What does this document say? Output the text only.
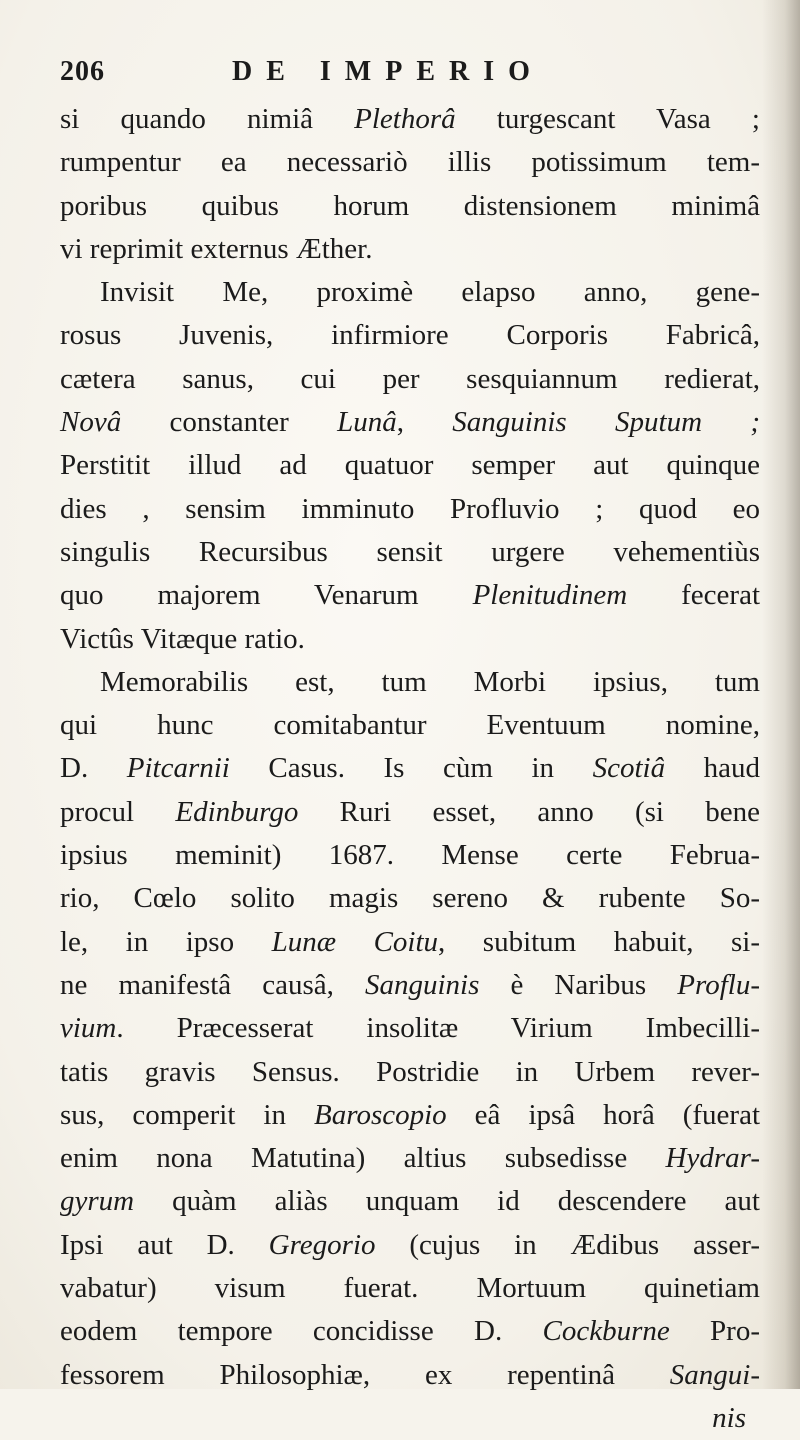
206	DE IMPERIO
si quando nimiâ Plethorâ turgescant Vasa ;
rumpentur ea necessariò illis potissimum tem-
poribus quibus horum distensionem minimâ
vi reprimit externus Æther.
Invisit Me, proximè elapso anno, gene-
rosus Juvenis, infirmiore Corporis Fabricâ,
cætera sanus, cui per sesquiannum redierat,
Novâ constanter Lunâ, Sanguinis Sputum ;
Perstitit illud ad quatuor semper aut quinque
dies , sensim imminuto Profluvio ; quod eo
singulis Recursibus sensit urgere vehementiùs
quo majorem Venarum Plenitudinem fecerat
Victûs Vitæque ratio.
Memorabilis est, tum Morbi ipsius, tum
qui hunc comitabantur Eventuum nomine,
D. Pitcarnii Casus. Is cùm in Scotiâ haud
procul Edinburgo Ruri esset, anno (si bene
ipsius meminit) 1687. Mense certe Februa-
rio, Cœlo solito magis sereno & rubente So-
le, in ipso Lunæ Coitu, subitum habuit, si-
ne manifestâ causâ, Sanguinis è Naribus Proflu-
vium. Præcesserat insolitæ Virium Imbecilli-
tatis gravis Sensus. Postridie in Urbem rever-
sus, comperit in Baroscopio eâ ipsâ horâ (fuerat
enim nona Matutina) altius subsedisse Hydrar-
gyrum quàm aliàs unquam id descendere aut
Ipsi aut D. Gregorio (cujus in Ædibus asser-
vabatur) visum fuerat. Mortuum quinetiam
eodem tempore concidisse D. Cockburne Pro-
fessorem Philosophiæ, ex repentinâ Sangui-
nis
